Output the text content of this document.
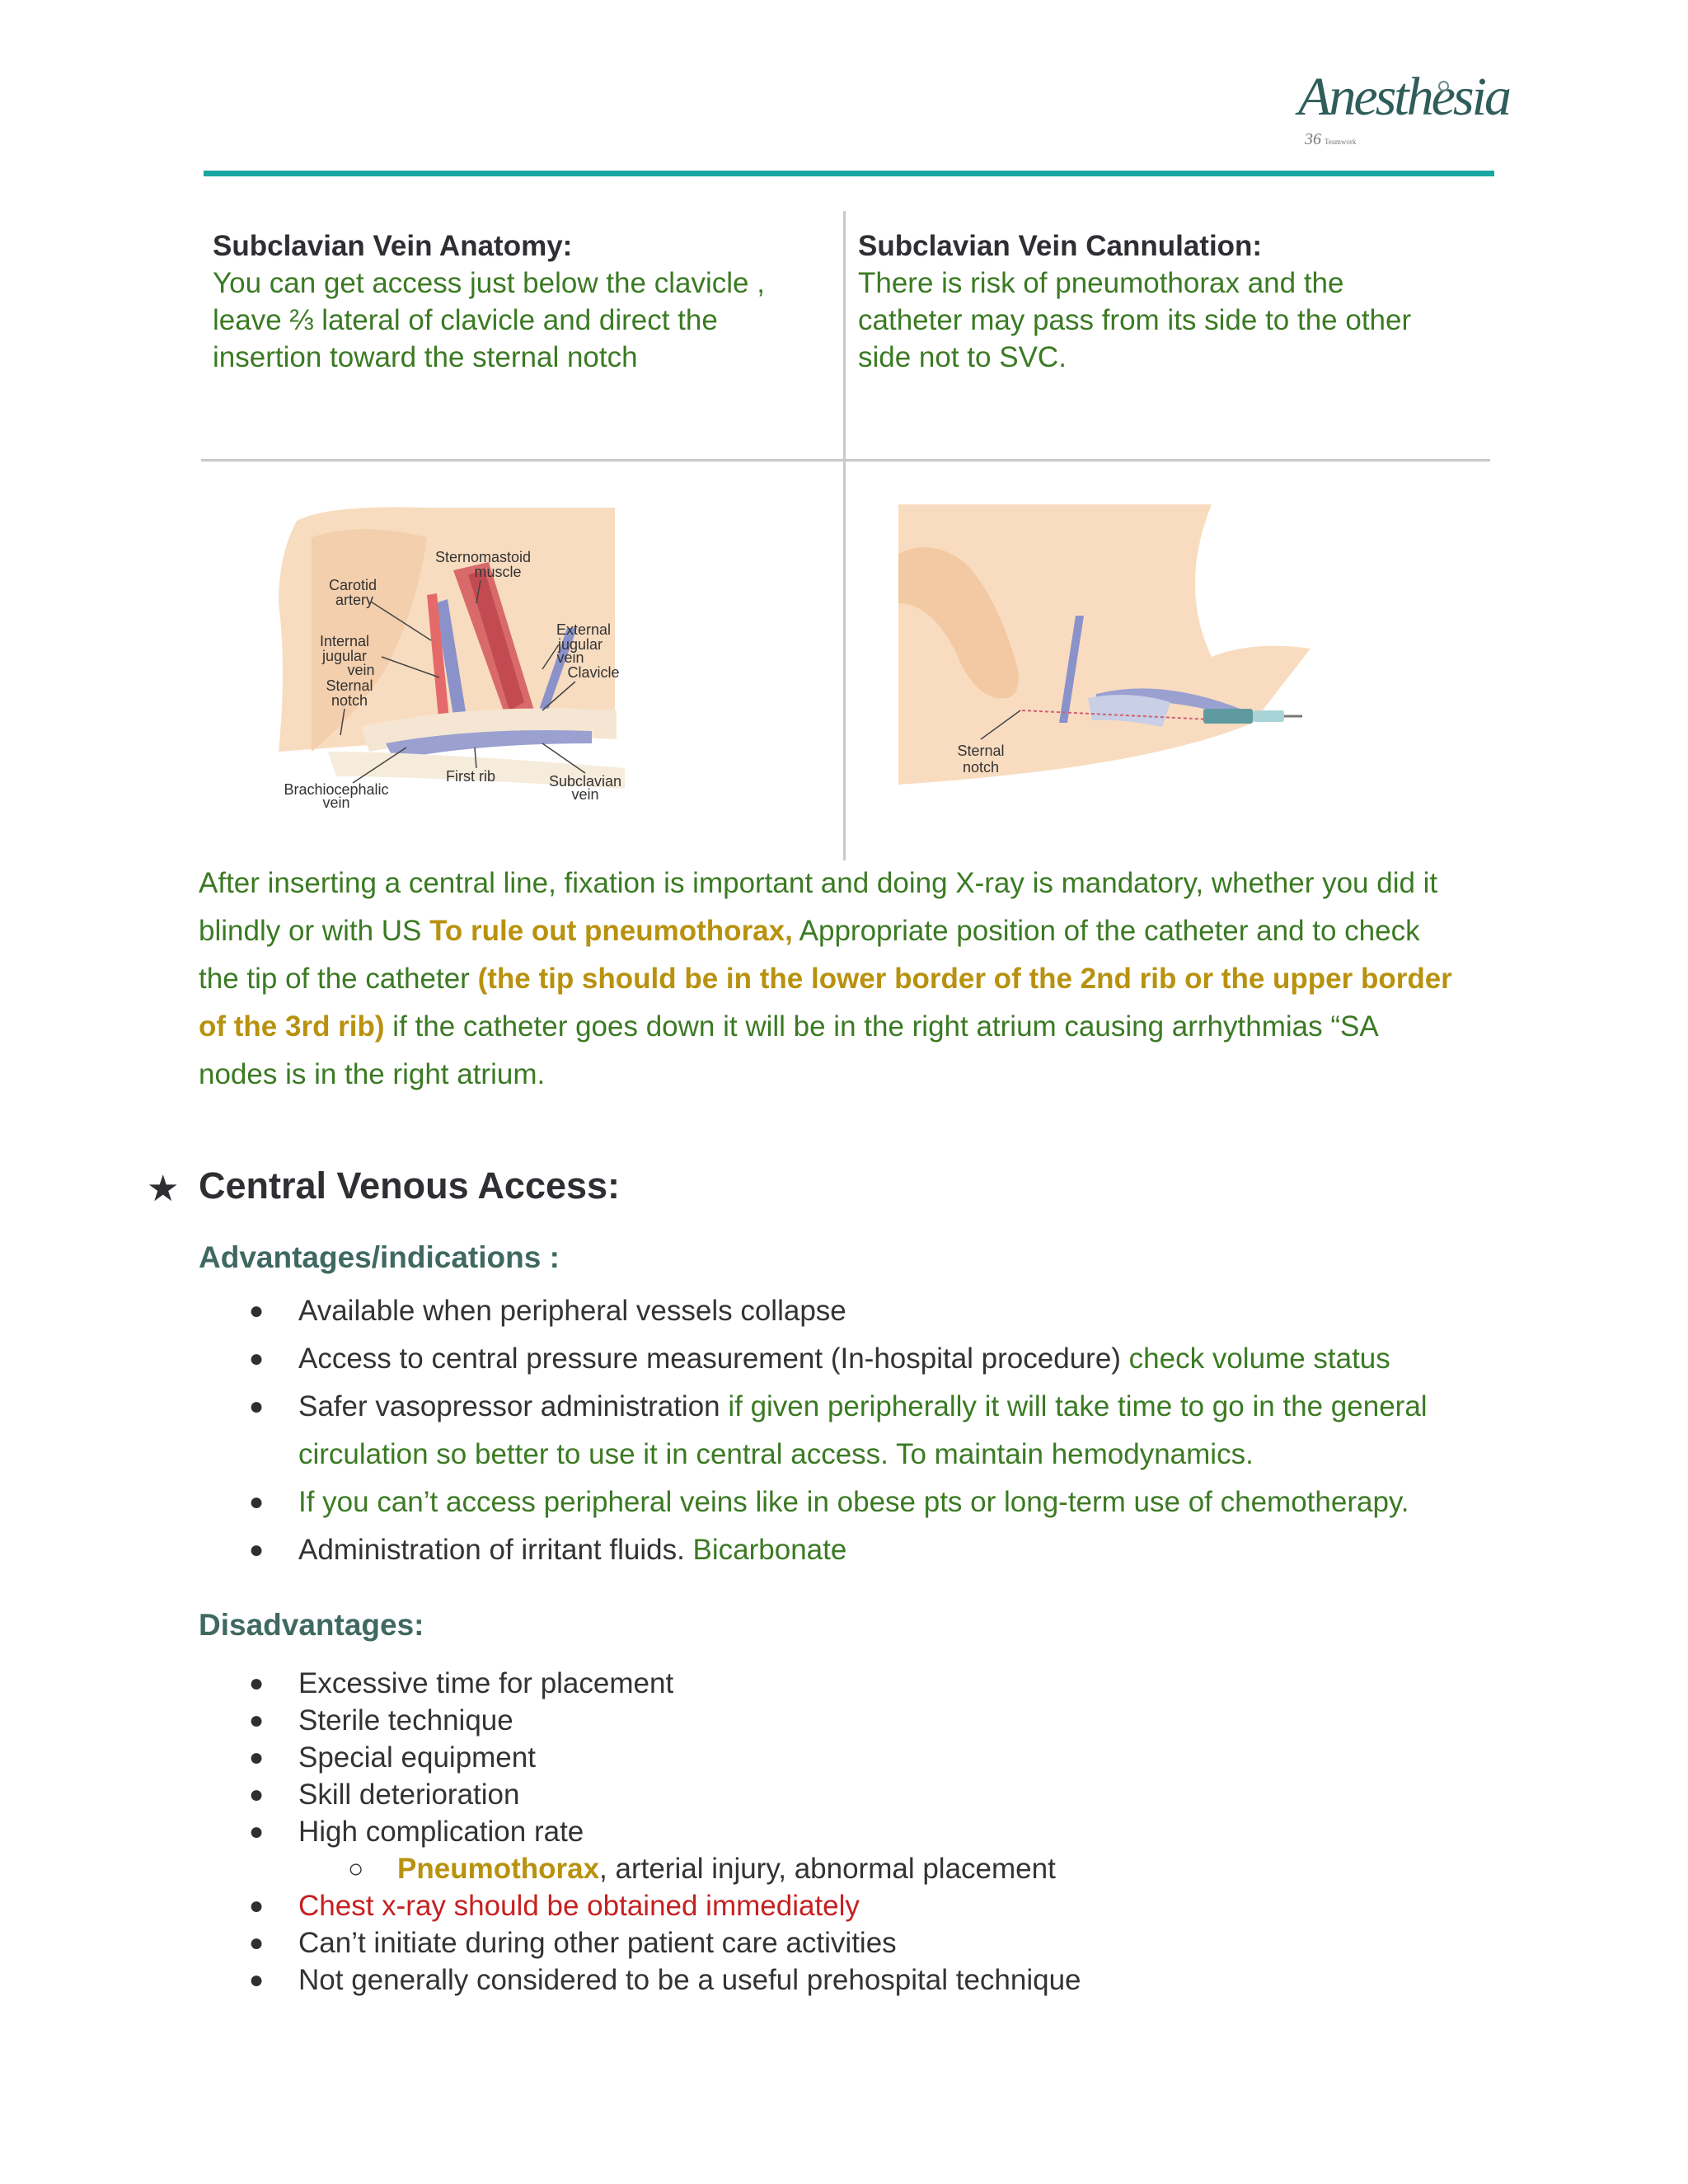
Anesthesia
36 Teamwork
Subclavian Vein Anatomy:
You can get access just below the clavicle ,
leave ⅔ lateral of clavicle and direct the
insertion toward the sternal notch
Subclavian Vein Cannulation:
There is risk of pneumothorax and the
catheter may pass from its side to the other
side not to SVC.
Sternomastoid
muscle
Carotid
artery
Internal
jugular
vein
Sternal
notch
External
jugular
vein
Clavicle
Brachiocephalic
vein
First rib	Subclavian
vein
Sternal
notch
After inserting a central line, fixation is important and doing X-ray is mandatory, whether you did it
blindly or with US To rule out pneumothorax, Appropriate position of the catheter and to check
the tip of the catheter (the tip should be in the lower border of the 2nd rib or the upper border
of the 3rd rib) if the catheter goes down it will be in the right atrium causing arrhythmias “SA
nodes is in the right atrium.
★ Central Venous Access:
Advantages/indications :
● Available when peripheral vessels collapse
● Access to central pressure measurement (In-hospital procedure) check volume status
● Safer vasopressor administration if given peripherally it will take time to go in the general
circulation so better to use it in central access. To maintain hemodynamics.
● If you can’t access peripheral veins like in obese pts or long-term use of chemotherapy.
● Administration of irritant fluids. Bicarbonate
Disadvantages:
● Excessive time for placement
● Sterile technique
● Special equipment
● Skill deterioration
● High complication rate
○ Pneumothorax, arterial injury, abnormal placement
● Chest x-ray should be obtained immediately
● Can’t initiate during other patient care activities
● Not generally considered to be a useful prehospital technique
